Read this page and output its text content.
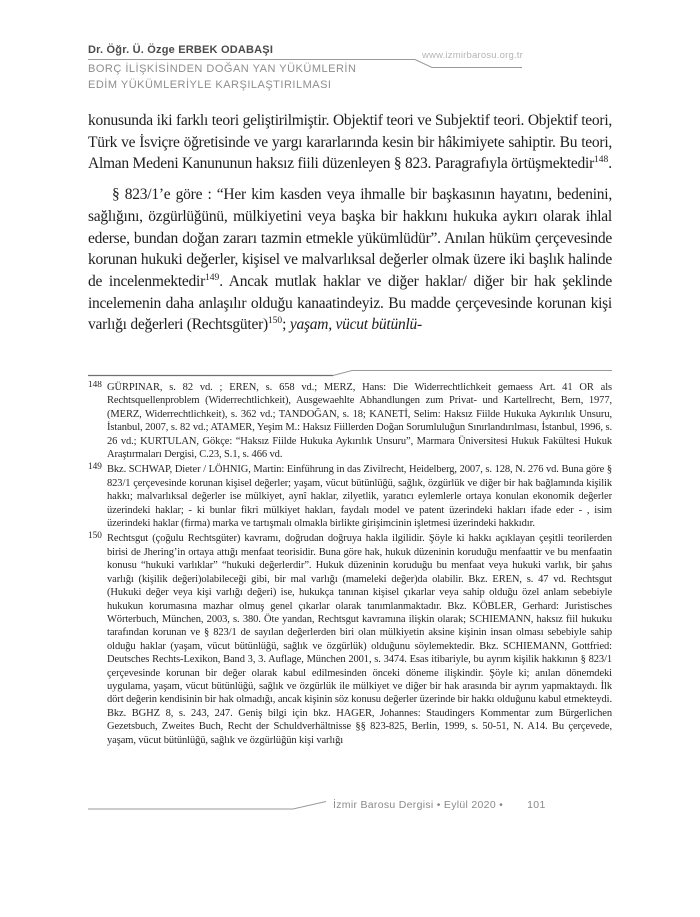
Dr. Öğr. Ü. Özge ERBEK ODABAŞI	www.izmirbarosu.org.tr
BORÇ İLİŞKİSİNDEN DOĞAN YAN YÜKÜMLERİN
EDİM YÜKÜMLERİYLE KARŞILAŞTIRILMASI

konusunda iki farklı teori geliştirilmiştir. Objektif teori ve Subjektif teori. Objektif teori, Türk ve İsviçre öğretisinde ve yargı kararlarında kesin bir hâkimiyete sahiptir. Bu teori, Alman Medeni Kanununun haksız fiili düzenleyen § 823. Paragrafıyla örtüşmektedir$^{148}$.

§ 823/1’e göre : “Her kim kasden veya ihmalle bir başkasının hayatını, bedenini, sağlığını, özgürlüğünü, mülkiyetini veya başka bir hakkını hukuka aykırı olarak ihlal ederse, bundan doğan zararı tazmin etmekle yükümlüdür”. Anılan hüküm çerçevesinde korunan hukuki değerler, kişisel ve malvarlıksal değerler olmak üzere iki başlık halinde de incelenmektedir$^{149}$. Ancak mutlak haklar ve diğer haklar/ diğer bir hak şeklinde incelemenin daha anlaşılır olduğu kanaatindeyiz. Bu madde çerçevesinde korunan kişi varlığı değerleri (Rechtsgüter)$^{150}$; yaşam, vücut bütünlü-

148 GÜRPINAR, s. 82 vd. ; EREN, s. 658 vd.; MERZ, Hans: Die Widerrechtlichkeit gemaess Art. 41 OR als Rechtsquellenproblem (Widerrechtlichkeit), Ausgewaehlte Abhandlungen zum Privat- und Kartellrecht, Bern, 1977, (MERZ, Widerrechtlichkeit), s. 362 vd.; TANDOĞAN, s. 18; KANETİ, Selim: Haksız Fiilde Hukuka Aykırılık Unsuru, İstanbul, 2007, s. 82 vd.; ATAMER, Yeşim M.: Haksız Fiillerden Doğan Sorumluluğun Sınırlandırılması, İstanbul, 1996, s. 26 vd.; KURTULAN, Gökçe: “Haksız Fiilde Hukuka Aykırılık Unsuru”, Marmara Üniversitesi Hukuk Fakültesi Hukuk Araştırmaları Dergisi, C.23, S.1, s. 466 vd.
149 Bkz. SCHWAP, Dieter / LÖHNIG, Martin: Einführung in das Zivilrecht, Heidelberg, 2007, s. 128, N. 276 vd. Buna göre § 823/1 çerçevesinde korunan kişisel değerler; yaşam, vücut bütünlüğü, sağlık, özgürlük ve diğer bir hak bağlamında kişilik hakkı; malvarlıksal değerler ise mülkiyet, aynî haklar, zilyetlik, yaratıcı eylemlerle ortaya konulan ekonomik değerler üzerindeki haklar; - ki bunlar fikri mülkiyet hakları, faydalı model ve patent üzerindeki hakları ifade eder - , isim üzerindeki haklar (firma) marka ve tartışmalı olmakla birlikte girişimcinin işletmesi üzerindeki hakkıdır.
150 Rechtsgut (çoğulu Rechtsgüter) kavramı, doğrudan doğruya hakla ilgilidir. Şöyle ki hakkı açıklayan çeşitli teorilerden birisi de Jhering’in ortaya attığı menfaat teorisidir. Buna göre hak, hukuk düzeninin koruduğu menfaattir ve bu menfaatin konusu “hukuki varlıklar” “hukuki değerlerdir”. Hukuk düzeninin koruduğu bu menfaat veya hukuki varlık, bir şahıs varlığı (kişilik değeri)olabileceği gibi, bir mal varlığı (mameleki değer)da olabilir. Bkz. EREN, s. 47 vd. Rechtsgut (Hukuki değer veya kişi varlığı değeri) ise, hukukça tanınan kişisel çıkarlar veya sahip olduğu özel anlam sebebiyle hukukun korumasına mazhar olmuş genel çıkarlar olarak tanımlanmaktadır. Bkz. KÖBLER, Gerhard: Juristisches Wörterbuch, München, 2003, s. 380. Öte yandan, Rechtsgut kavramına ilişkin olarak; SCHIEMANN, haksız fiil hukuku tarafından korunan ve § 823/1 de sayılan değerlerden biri olan mülkiyetin aksine kişinin insan olması sebebiyle sahip olduğu haklar (yaşam, vücut bütünlüğü, sağlık ve özgürlük) olduğunu söylemektedir. Bkz. SCHIEMANN, Gottfried: Deutsches Rechts-Lexikon, Band 3, 3. Auflage, München 2001, s. 3474. Esas itibariyle, bu ayrım kişilik hakkının § 823/1 çerçevesinde korunan bir değer olarak kabul edilmesinden önceki döneme ilişkindir. Şöyle ki; anılan dönemdeki uygulama, yaşam, vücut bütünlüğü, sağlık ve özgürlük ile mülkiyet ve diğer bir hak arasında bir ayrım yapmaktaydı. İlk dört değerin kendisinin bir hak olmadığı, ancak kişinin söz konusu değerler üzerinde bir hakkı olduğunu kabul etmekteydi. Bkz. BGHZ 8, s. 243, 247. Geniş bilgi için bkz. HAGER, Johannes: Staudingers Kommentar zum Bürgerlichen Gezetsbuch, Zweites Buch, Recht der Schuldverhältnisse §§ 823-825, Berlin, 1999, s. 50-51, N. A14. Bu çerçevede, yaşam, vücut bütünlüğü, sağlık ve özgürlüğün kişi varlığı
İzmir Barosu Dergisi • Eylül 2020 • 101
